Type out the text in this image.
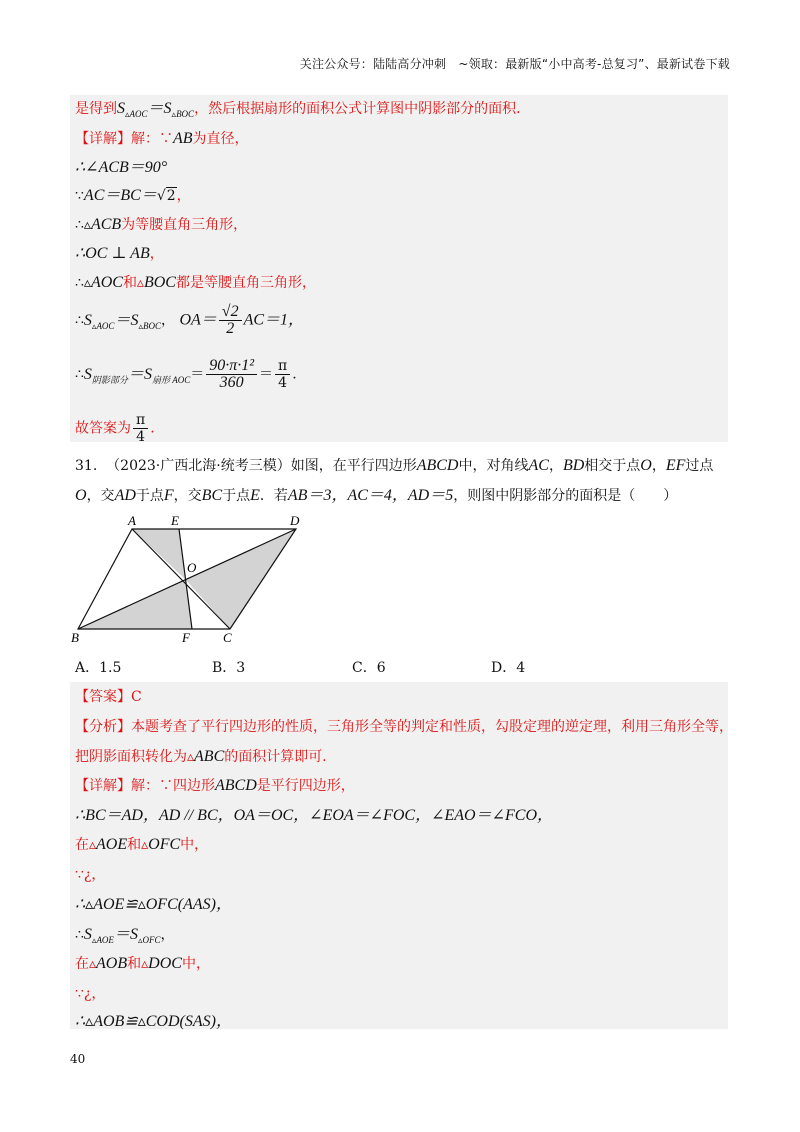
关注公众号：陆陆高分冲刺　~领取：最新版“小中高考-总复习”、最新试卷下载
是得到$S_{▵AOC}=S_{▵BOC}$，然后根据扇形的面积公式计算图中阴影部分的面积．
【详解】解：∵AB为直径，
∴∠ACB＝90°
∵AC＝BC＝√2，
∴▵ACB为等腰直角三角形，
∴OC ⊥ AB，
∴▵AOC和▵BOC都是等腰直角三角形，
$\therefore S_{▵AOC}=S_{▵BOC}$， $OA= \frac{√2}{2} AC=1$，
$\therefore S_{阴影部分}=S_{扇形 AOC}= \frac{\text{90·π·1²}}{360} = \frac{\pi}{4}$ .
故答案为 $\frac{\pi}{4}$ .
31. （2023·广西北海·统考三模）如图，在平行四边形ABCD中，对角线AC，BD相交于点O，EF过点
O，交AD于点F，交BC于点E．若AB＝3，AC＝4，AD＝5，则图中阴影部分的面积是（　　）
A	E	D
O
B	F	C
A．1.5	B．3	C．6	D．4
【答案】C
【分析】本题考查了平行四边形的性质，三角形全等的判定和性质，勾股定理的逆定理，利用三角形全等，
把阴影面积转化为▵ABC的面积计算即可．
【详解】解：∵四边形ABCD是平行四边形，
∴BC＝AD，AD // BC，OA＝OC，∠EOA＝∠FOC，∠EAO＝∠FCO，
在▵AOE和▵OFC中，
∵¿，
∴▵AOE≌▵OFC(AAS)，
$\therefore S_{▵AOE}=S_{▵OFC}$，
在▵AOB和▵DOC中，
∵¿，
∴▵AOB≌▵COD(SAS)，
40
